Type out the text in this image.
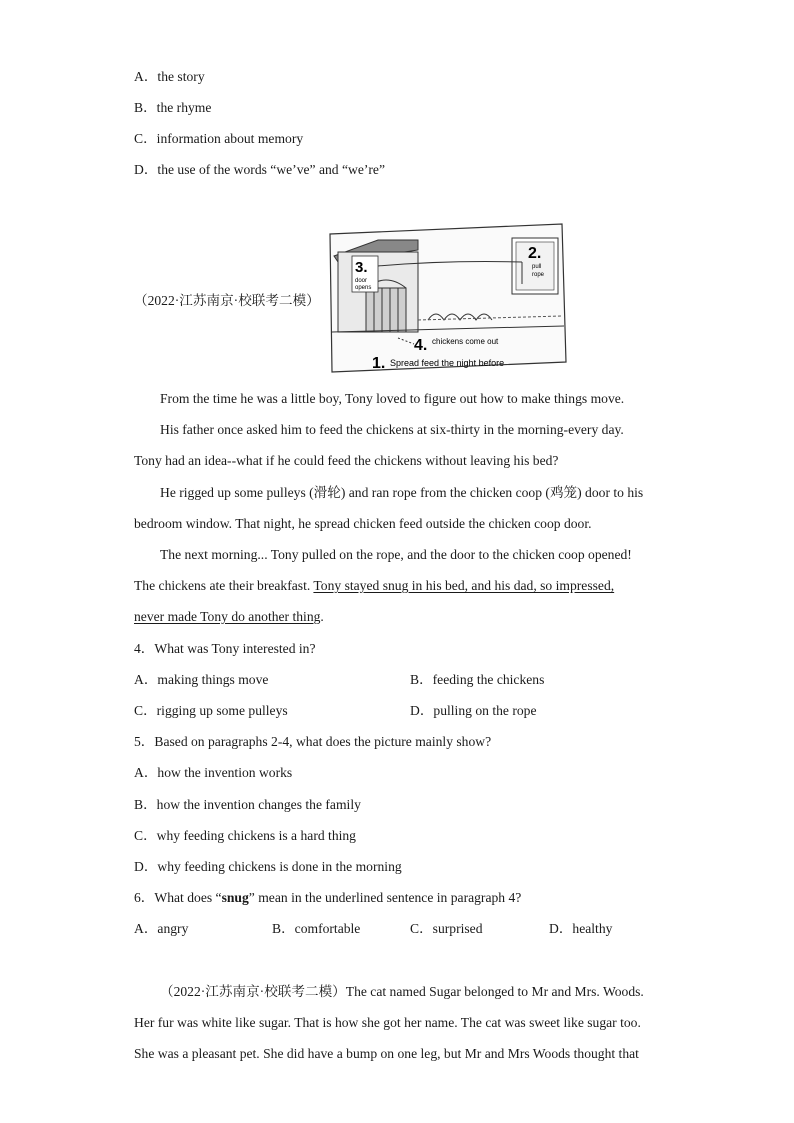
A．the story
B．the rhyme
C．information about memory
D．the use of the words “we’ve” and “we’re”
（2022·江苏南京·校联考二模）
3.
door
opens
2.
pull
rope
4. chickens come out
1. Spread feed the night before
From the time he was a little boy, Tony loved to figure out how to make things move.
His father once asked him to feed the chickens at six-thirty in the morning-every day.
Tony had an idea--what if he could feed the chickens without leaving his bed?
He rigged up some pulleys (滑轮) and ran rope from the chicken coop (鸡笼) door to his
bedroom window. That night, he spread chicken feed outside the chicken coop door.
The next morning... Tony pulled on the rope, and the door to the chicken coop opened!
The chickens ate their breakfast. Tony stayed snug in his bed, and his dad, so impressed,
never made Tony do another thing.
4．What was Tony interested in?
A．making things move	B．feeding the chickens
C．rigging up some pulleys	D．pulling on the rope
5．Based on paragraphs 2-4, what does the picture mainly show?
A．how the invention works
B．how the invention changes the family
C．why feeding chickens is a hard thing
D．why feeding chickens is done in the morning
6．What does “snug” mean in the underlined sentence in paragraph 4?
A．angry	B．comfortable	C．surprised	D．healthy
（2022·江苏南京·校联考二模）The cat named Sugar belonged to Mr and Mrs. Woods.
Her fur was white like sugar. That is how she got her name. The cat was sweet like sugar too.
She was a pleasant pet. She did have a bump on one leg, but Mr and Mrs Woods thought that
